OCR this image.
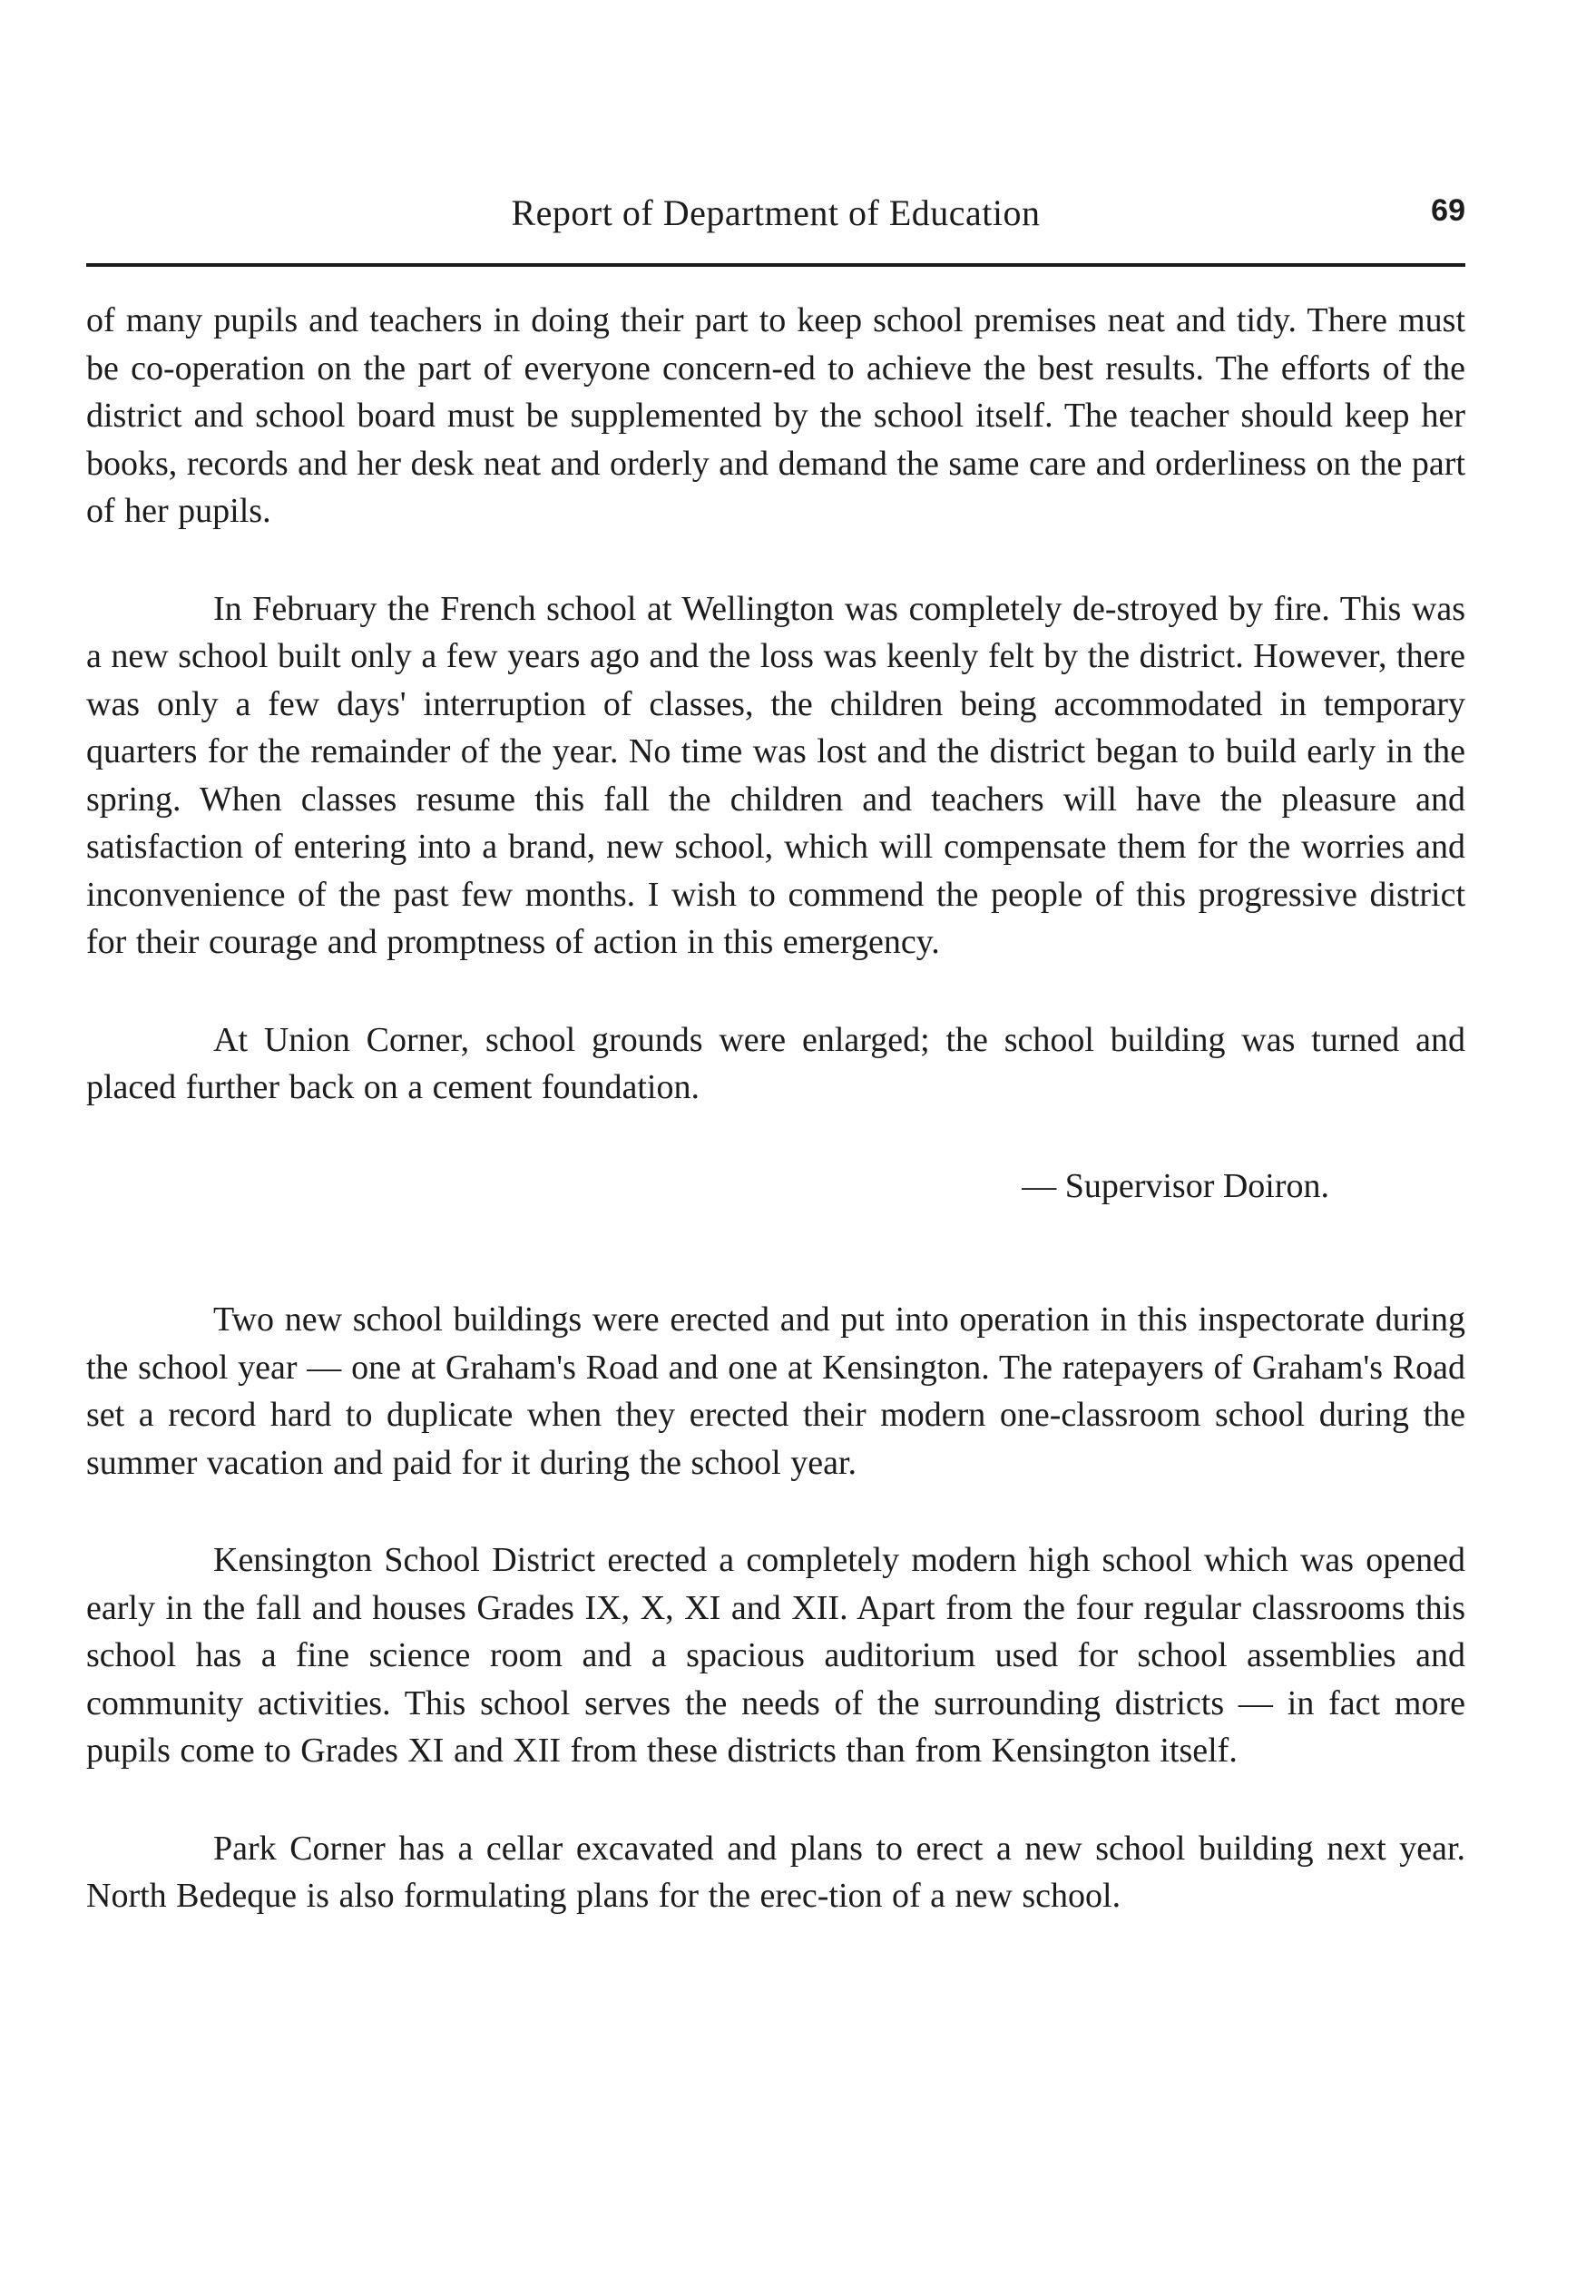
Report of Department of Education	69

of many pupils and teachers in doing their part to keep school premises neat and tidy. There must be co-operation on the part of everyone concern-ed to achieve the best results. The efforts of the district and school board must be supplemented by the school itself. The teacher should keep her books, records and her desk neat and orderly and demand the same care and orderliness on the part of her pupils.

In February the French school at Wellington was completely de-stroyed by fire. This was a new school built only a few years ago and the loss was keenly felt by the district. However, there was only a few days' interruption of classes, the children being accommodated in temporary quarters for the remainder of the year. No time was lost and the district began to build early in the spring. When classes resume this fall the children and teachers will have the pleasure and satisfaction of entering into a brand, new school, which will compensate them for the worries and inconvenience of the past few months. I wish to commend the people of this progressive district for their courage and promptness of action in this emergency.

At Union Corner, school grounds were enlarged; the school building was turned and placed further back on a cement foundation.

— Supervisor Doiron.

Two new school buildings were erected and put into operation in this inspectorate during the school year — one at Graham's Road and one at Kensington. The ratepayers of Graham's Road set a record hard to duplicate when they erected their modern one-classroom school during the summer vacation and paid for it during the school year.

Kensington School District erected a completely modern high school which was opened early in the fall and houses Grades IX, X, XI and XII. Apart from the four regular classrooms this school has a fine science room and a spacious auditorium used for school assemblies and community activities. This school serves the needs of the surrounding districts — in fact more pupils come to Grades XI and XII from these districts than from Kensington itself.

Park Corner has a cellar excavated and plans to erect a new school building next year. North Bedeque is also formulating plans for the erec-tion of a new school.
